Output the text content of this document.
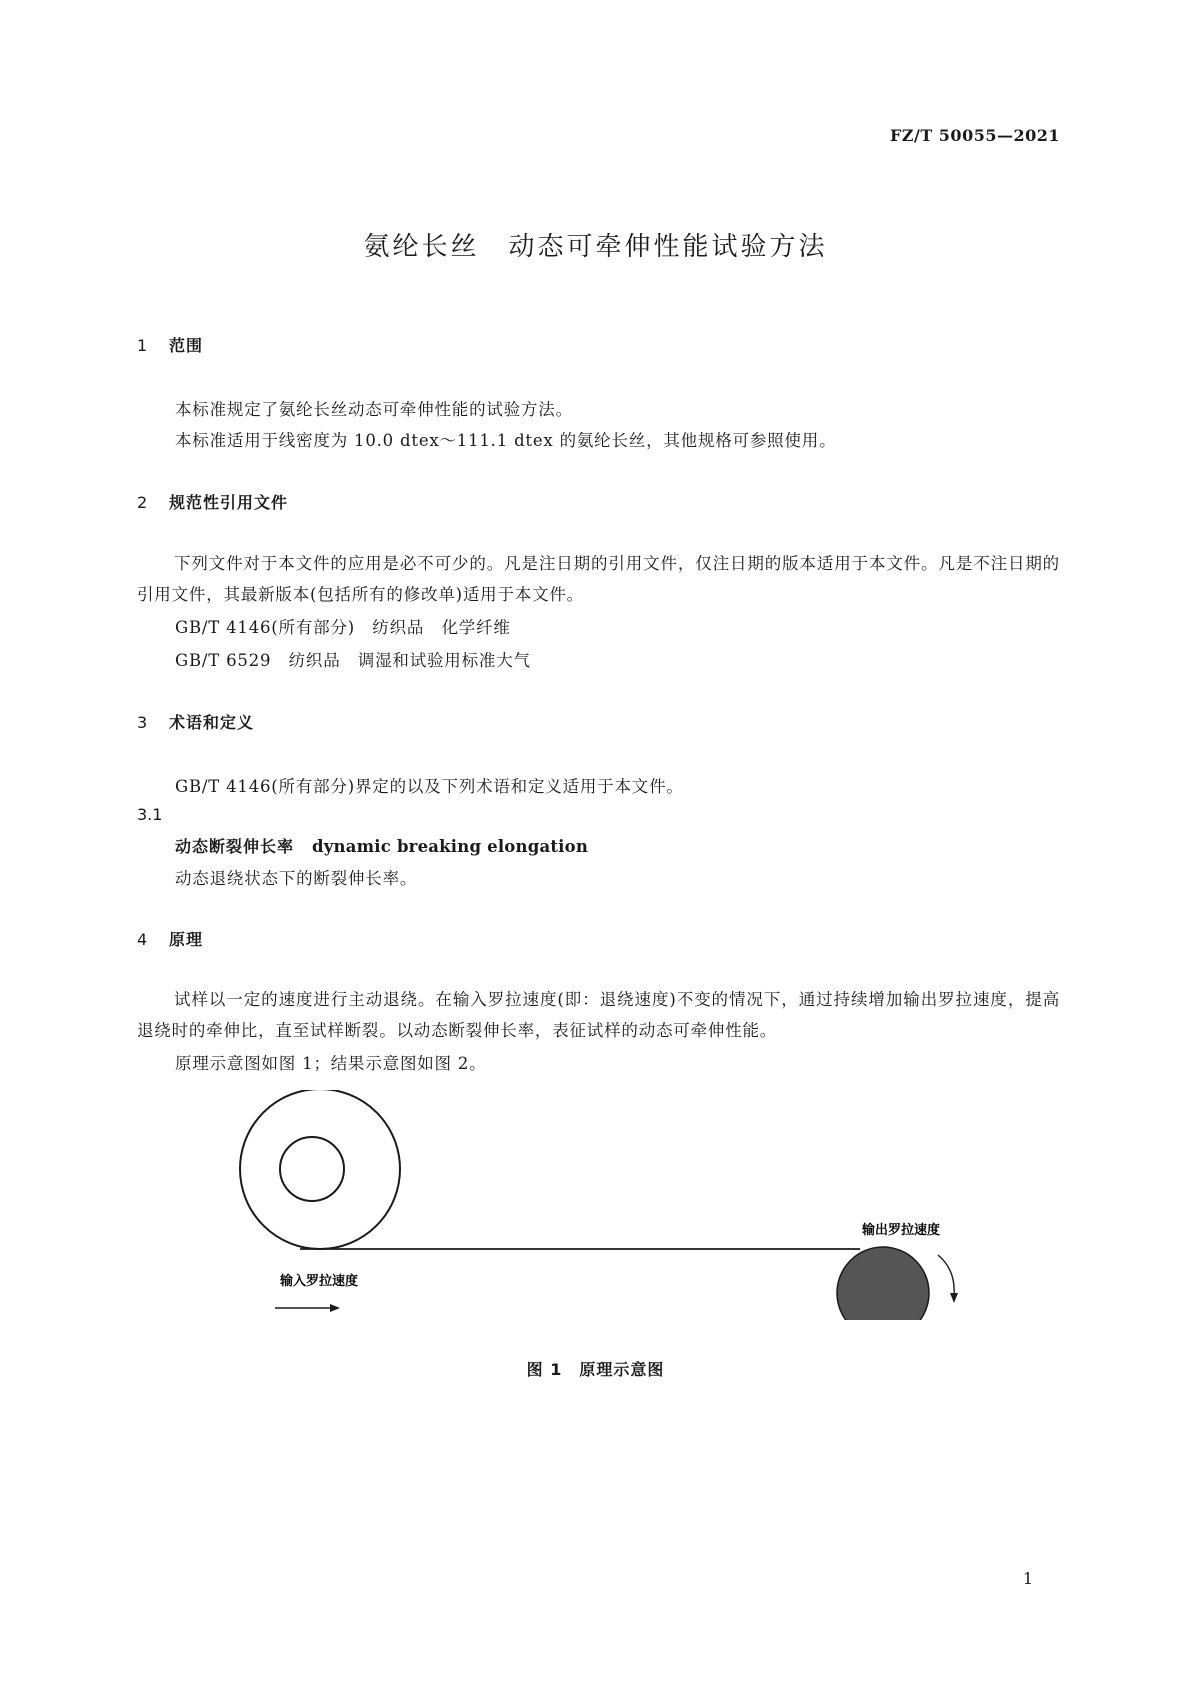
FZ/T 50055—2021
氨纶长丝　动态可牵伸性能试验方法
1 范围
本标准规定了氨纶长丝动态可牵伸性能的试验方法。
本标准适用于线密度为 10.0 dtex～111.1 dtex 的氨纶长丝，其他规格可参照使用。
2 规范性引用文件
下列文件对于本文件的应用是必不可少的。凡是注日期的引用文件，仅注日期的版本适用于本文件。凡是不注日期的引用文件，其最新版本(包括所有的修改单)适用于本文件。
GB/T 4146(所有部分)　纺织品　化学纤维
GB/T 6529　纺织品　调湿和试验用标准大气
3 术语和定义
GB/T 4146(所有部分)界定的以及下列术语和定义适用于本文件。
3.1
动态断裂伸长率 dynamic breaking elongation
动态退绕状态下的断裂伸长率。
4 原理
试样以一定的速度进行主动退绕。在输入罗拉速度(即：退绕速度)不变的情况下，通过持续增加输出罗拉速度，提高退绕时的牵伸比，直至试样断裂。以动态断裂伸长率，表征试样的动态可牵伸性能。
原理示意图如图 1；结果示意图如图 2。
输出罗拉速度
输入罗拉速度
图 1　原理示意图
1
